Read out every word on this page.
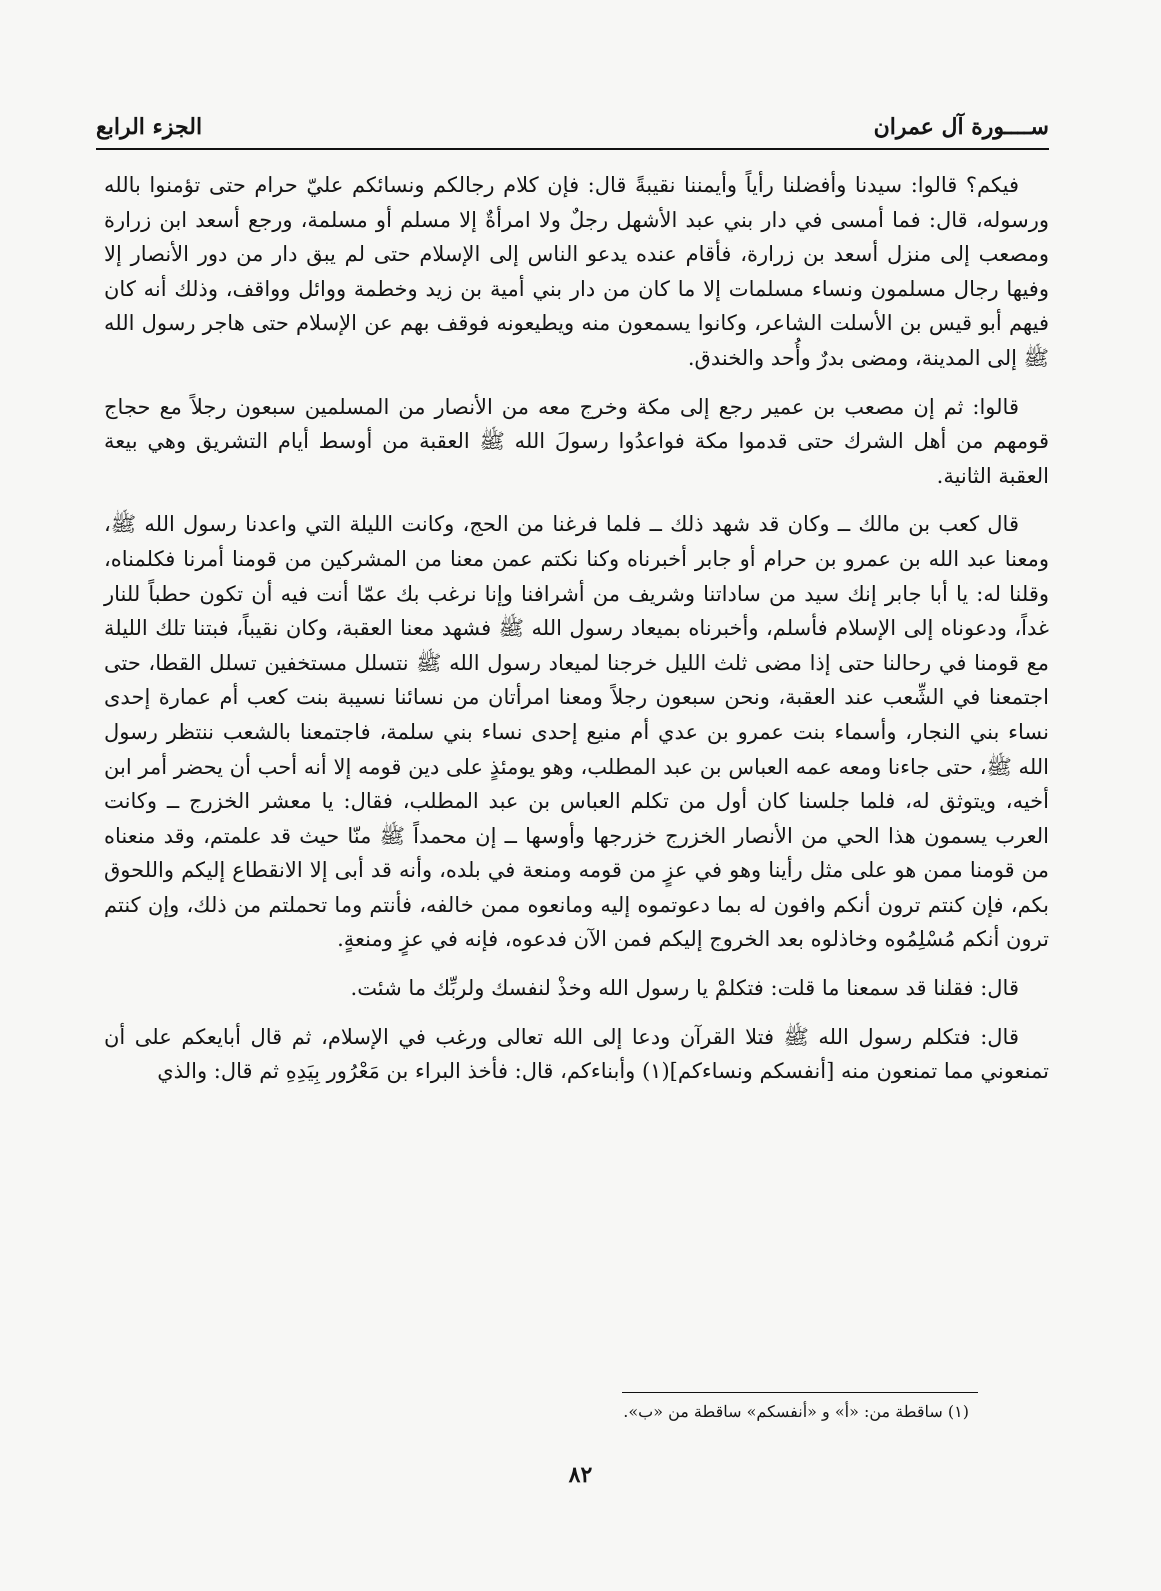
ســــورة آل عمران
الجزء الرابع

فيكم؟ قالوا: سيدنا وأفضلنا رأياً وأيمننا نقيبةً قال: فإن كلام رجالكم ونسائكم عليّ حرام حتى تؤمنوا بالله ورسوله، قال: فما أمسى في دار بني عبد الأشهل رجلٌ ولا امرأةٌ إلا مسلم أو مسلمة، ورجع أسعد ابن زرارة ومصعب إلى منزل أسعد بن زرارة، فأقام عنده يدعو الناس إلى الإسلام حتى لم يبق دار من دور الأنصار إلا وفيها رجال مسلمون ونساء مسلمات إلا ما كان من دار بني أمية بن زيد وخطمة ووائل وواقف، وذلك أنه كان فيهم أبو قيس بن الأسلت الشاعر، وكانوا يسمعون منه ويطيعونه فوقف بهم عن الإسلام حتى هاجر رسول الله ﷺ إلى المدينة، ومضى بدرٌ وأُحد والخندق.

قالوا: ثم إن مصعب بن عمير رجع إلى مكة وخرج معه من الأنصار من المسلمين سبعون رجلاً مع حجاج قومهم من أهل الشرك حتى قدموا مكة فواعدُوا رسولَ الله ﷺ العقبة من أوسط أيام التشريق وهي بيعة العقبة الثانية.

قال كعب بن مالك ــ وكان قد شهد ذلك ــ فلما فرغنا من الحج، وكانت الليلة التي واعدنا رسول الله ﷺ، ومعنا عبد الله بن عمرو بن حرام أو جابر أخبرناه وكنا نكتم عمن معنا من المشركين من قومنا أمرنا فكلمناه، وقلنا له: يا أبا جابر إنك سيد من ساداتنا وشريف من أشرافنا وإنا نرغب بك عمّا أنت فيه أن تكون حطباً للنار غداً، ودعوناه إلى الإسلام فأسلم، وأخبرناه بميعاد رسول الله ﷺ فشهد معنا العقبة، وكان نقيباً، فبتنا تلك الليلة مع قومنا في رحالنا حتى إذا مضى ثلث الليل خرجنا لميعاد رسول الله ﷺ نتسلل مستخفين تسلل القطا، حتى اجتمعنا في الشِّعب عند العقبة، ونحن سبعون رجلاً ومعنا امرأتان من نسائنا نسيبة بنت كعب أم عمارة إحدى نساء بني النجار، وأسماء بنت عمرو بن عدي أم منيع إحدى نساء بني سلمة، فاجتمعنا بالشعب ننتظر رسول الله ﷺ، حتى جاءنا ومعه عمه العباس بن عبد المطلب، وهو يومئذٍ على دين قومه إلا أنه أحب أن يحضر أمر ابن أخيه، ويتوثق له، فلما جلسنا كان أول من تكلم العباس بن عبد المطلب، فقال: يا معشر الخزرج ــ وكانت العرب يسمون هذا الحي من الأنصار الخزرج خزرجها وأوسها ــ إن محمداً ﷺ منّا حيث قد علمتم، وقد منعناه من قومنا ممن هو على مثل رأينا وهو في عزٍ من قومه ومنعة في بلده، وأنه قد أبى إلا الانقطاع إليكم واللحوق بكم، فإن كنتم ترون أنكم وافون له بما دعوتموه إليه ومانعوه ممن خالفه، فأنتم وما تحملتم من ذلك، وإن كنتم ترون أنكم مُسْلِمُوه وخاذلوه بعد الخروج إليكم فمن الآن فدعوه، فإنه في عزٍ ومنعةٍ.

قال: فقلنا قد سمعنا ما قلت: فتكلمْ يا رسول الله وخذْ لنفسك ولربِّك ما شئت.

قال: فتكلم رسول الله ﷺ فتلا القرآن ودعا إلى الله تعالى ورغب في الإسلام، ثم قال أبايعكم على أن تمنعوني مما تمنعون منه [أنفسكم ونساءكم](١) وأبناءكم، قال: فأخذ البراء بن مَعْرُور بِيَدِهِ ثم قال: والذي

(١) ساقطة من: «أ» و «أنفسكم» ساقطة من «ب».
٨٢
